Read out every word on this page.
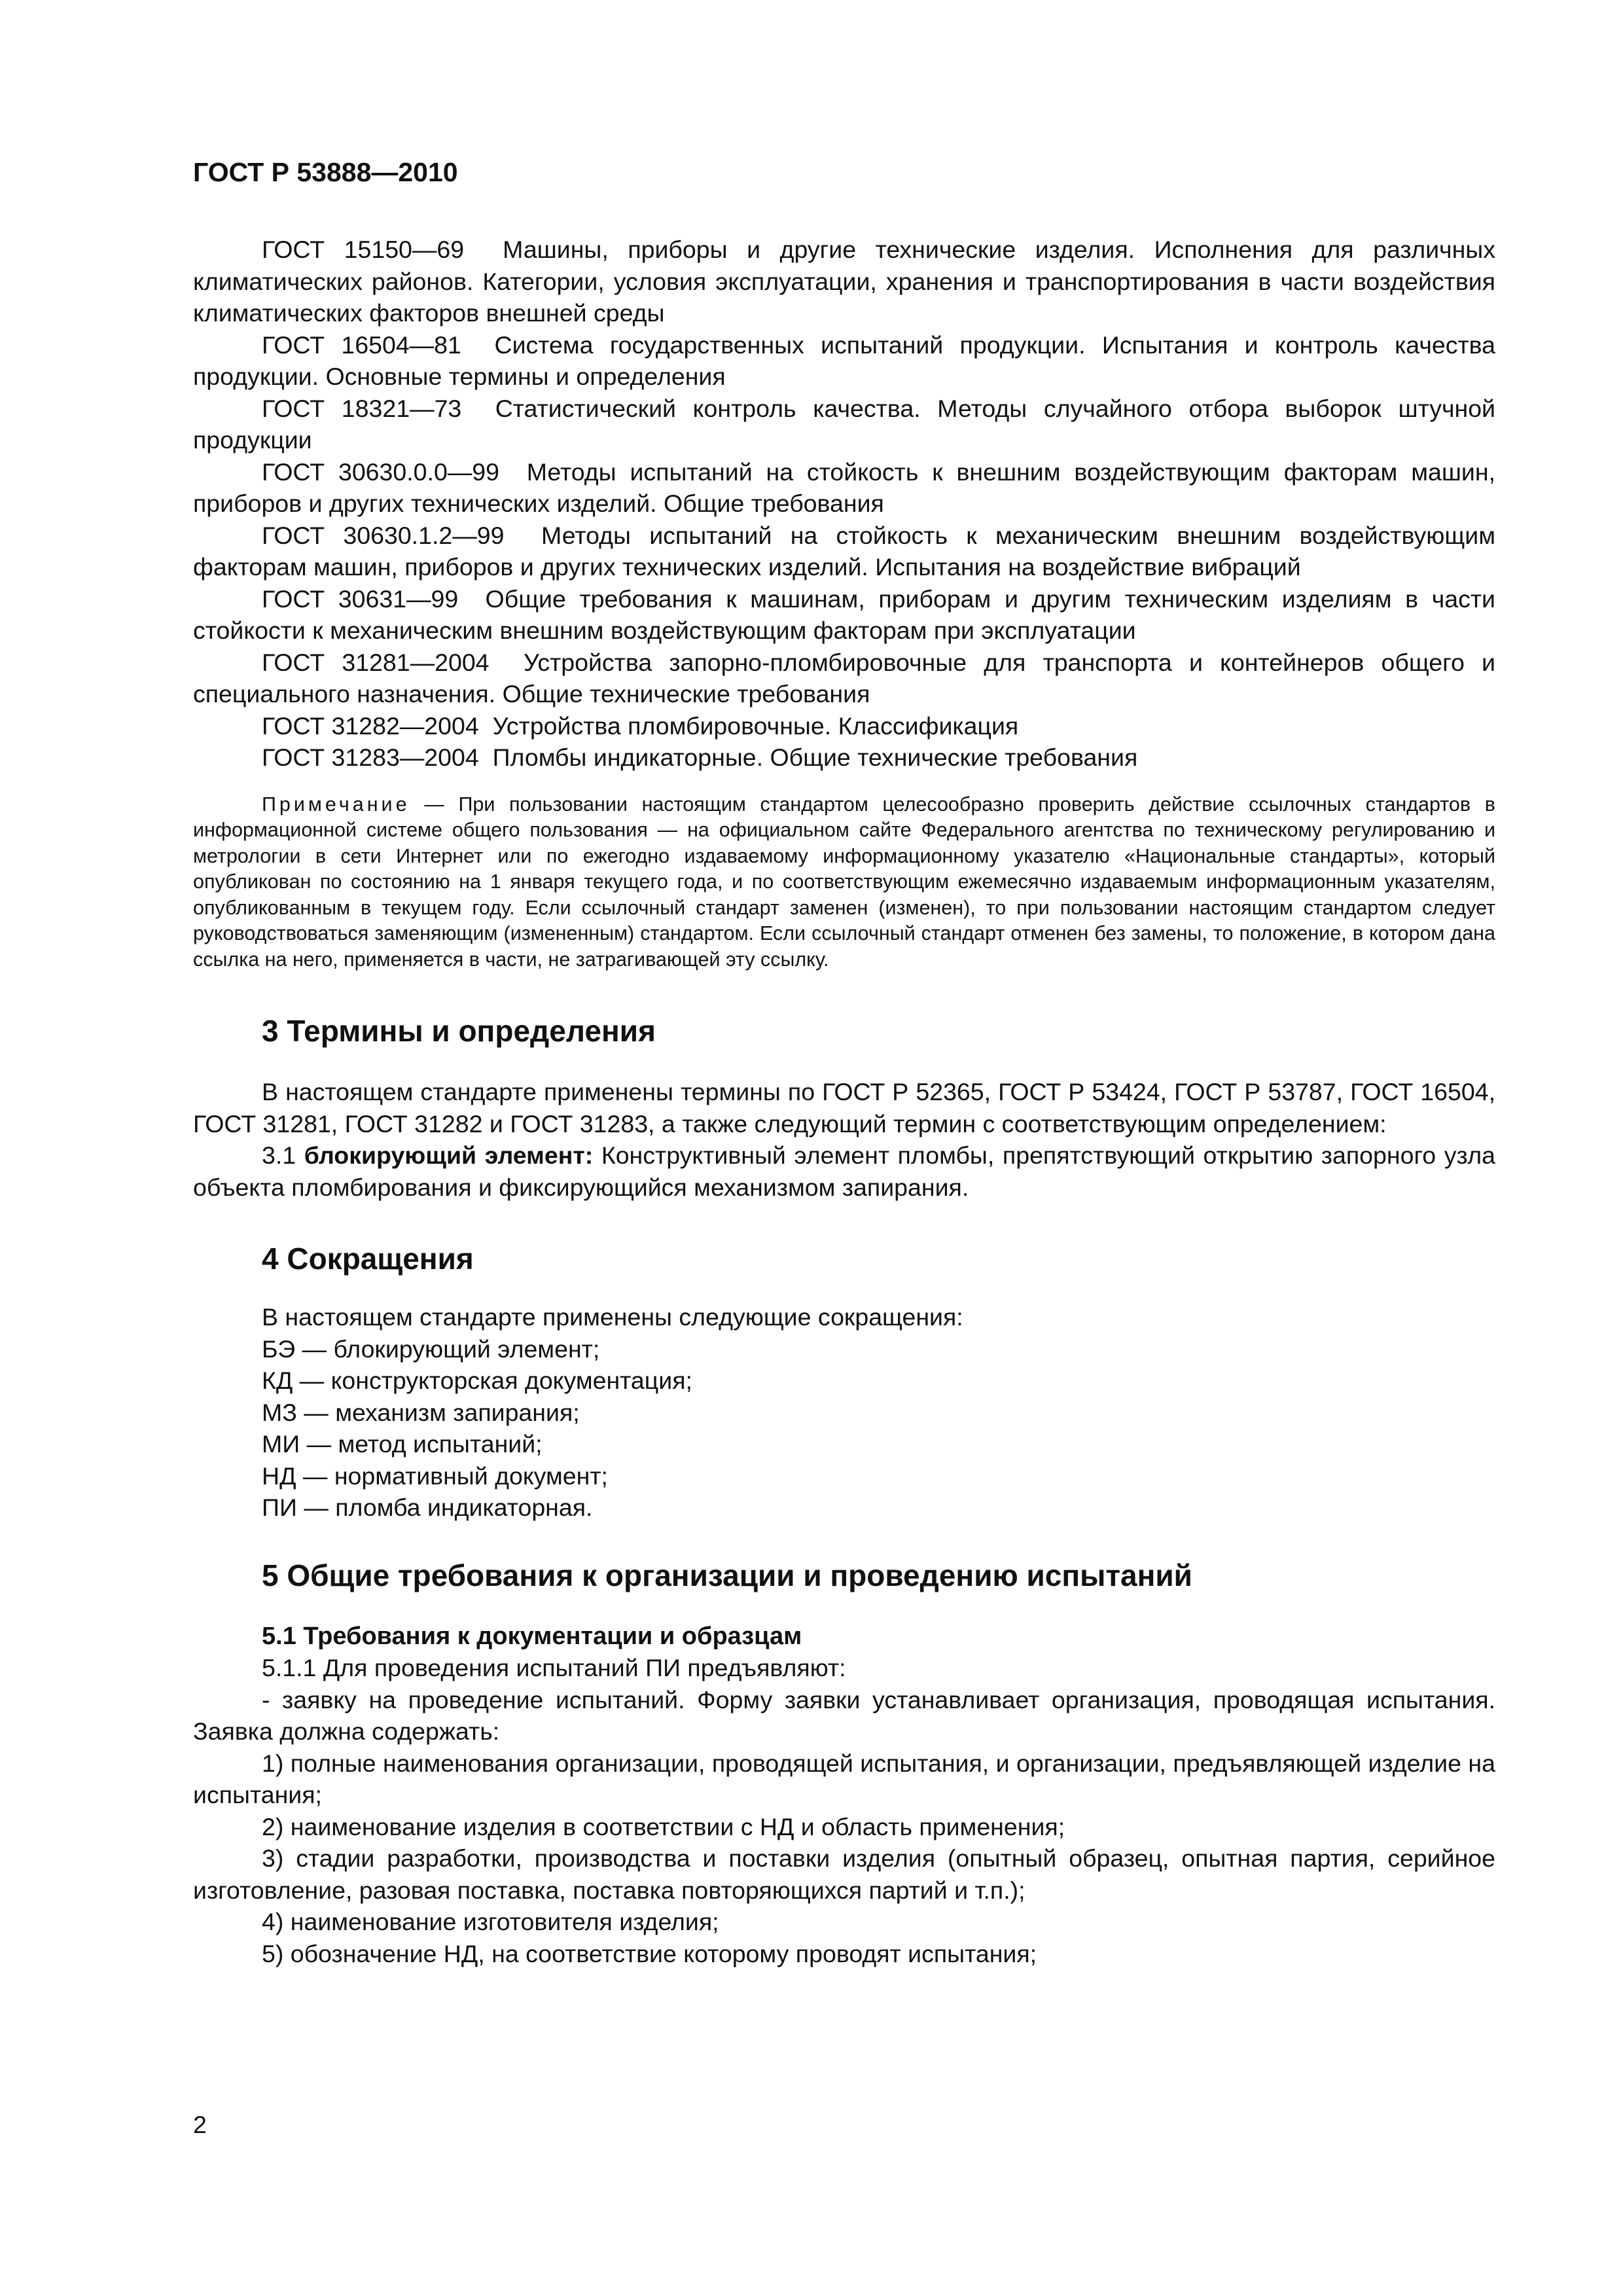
ГОСТ Р 53888—2010

ГОСТ 15150—69 Машины, приборы и другие технические изделия. Исполнения для различных климатических районов. Категории, условия эксплуатации, хранения и транспортирования в части воздействия климатических факторов внешней среды

ГОСТ 16504—81 Система государственных испытаний продукции. Испытания и контроль качества продукции. Основные термины и определения

ГОСТ 18321—73 Статистический контроль качества. Методы случайного отбора выборок штучной продукции

ГОСТ 30630.0.0—99 Методы испытаний на стойкость к внешним воздействующим факторам машин, приборов и других технических изделий. Общие требования

ГОСТ 30630.1.2—99 Методы испытаний на стойкость к механическим внешним воздействующим факторам машин, приборов и других технических изделий. Испытания на воздействие вибраций

ГОСТ 30631—99 Общие требования к машинам, приборам и другим техническим изделиям в части стойкости к механическим внешним воздействующим факторам при эксплуатации

ГОСТ 31281—2004 Устройства запорно-пломбировочные для транспорта и контейнеров общего и специального назначения. Общие технические требования

ГОСТ 31282—2004 Устройства пломбировочные. Классификация

ГОСТ 31283—2004 Пломбы индикаторные. Общие технические требования

Примечание — При пользовании настоящим стандартом целесообразно проверить действие ссылочных стандартов в информационной системе общего пользования — на официальном сайте Федерального агентства по техническому регулированию и метрологии в сети Интернет или по ежегодно издаваемому информационному указателю «Национальные стандарты», который опубликован по состоянию на 1 января текущего года, и по соответствующим ежемесячно издаваемым информационным указателям, опубликованным в текущем году. Если ссылочный стандарт заменен (изменен), то при пользовании настоящим стандартом следует руководствоваться заменяющим (измененным) стандартом. Если ссылочный стандарт отменен без замены, то положение, в котором дана ссылка на него, применяется в части, не затрагивающей эту ссылку.

3 Термины и определения

В настоящем стандарте применены термины по ГОСТ Р 52365, ГОСТ Р 53424, ГОСТ Р 53787, ГОСТ 16504, ГОСТ 31281, ГОСТ 31282 и ГОСТ 31283, а также следующий термин с соответствующим определением:

3.1 блокирующий элемент: Конструктивный элемент пломбы, препятствующий открытию запорного узла объекта пломбирования и фиксирующийся механизмом запирания.

4 Сокращения

В настоящем стандарте применены следующие сокращения:

БЭ — блокирующий элемент;

КД — конструкторская документация;

МЗ — механизм запирания;

МИ — метод испытаний;

НД — нормативный документ;

ПИ — пломба индикаторная.

5 Общие требования к организации и проведению испытаний

5.1 Требования к документации и образцам

5.1.1 Для проведения испытаний ПИ предъявляют:

- заявку на проведение испытаний. Форму заявки устанавливает организация, проводящая испытания. Заявка должна содержать:

1) полные наименования организации, проводящей испытания, и организации, предъявляющей изделие на испытания;

2) наименование изделия в соответствии с НД и область применения;

3) стадии разработки, производства и поставки изделия (опытный образец, опытная партия, серийное изготовление, разовая поставка, поставка повторяющихся партий и т.п.);

4) наименование изготовителя изделия;

5) обозначение НД, на соответствие которому проводят испытания;

2
